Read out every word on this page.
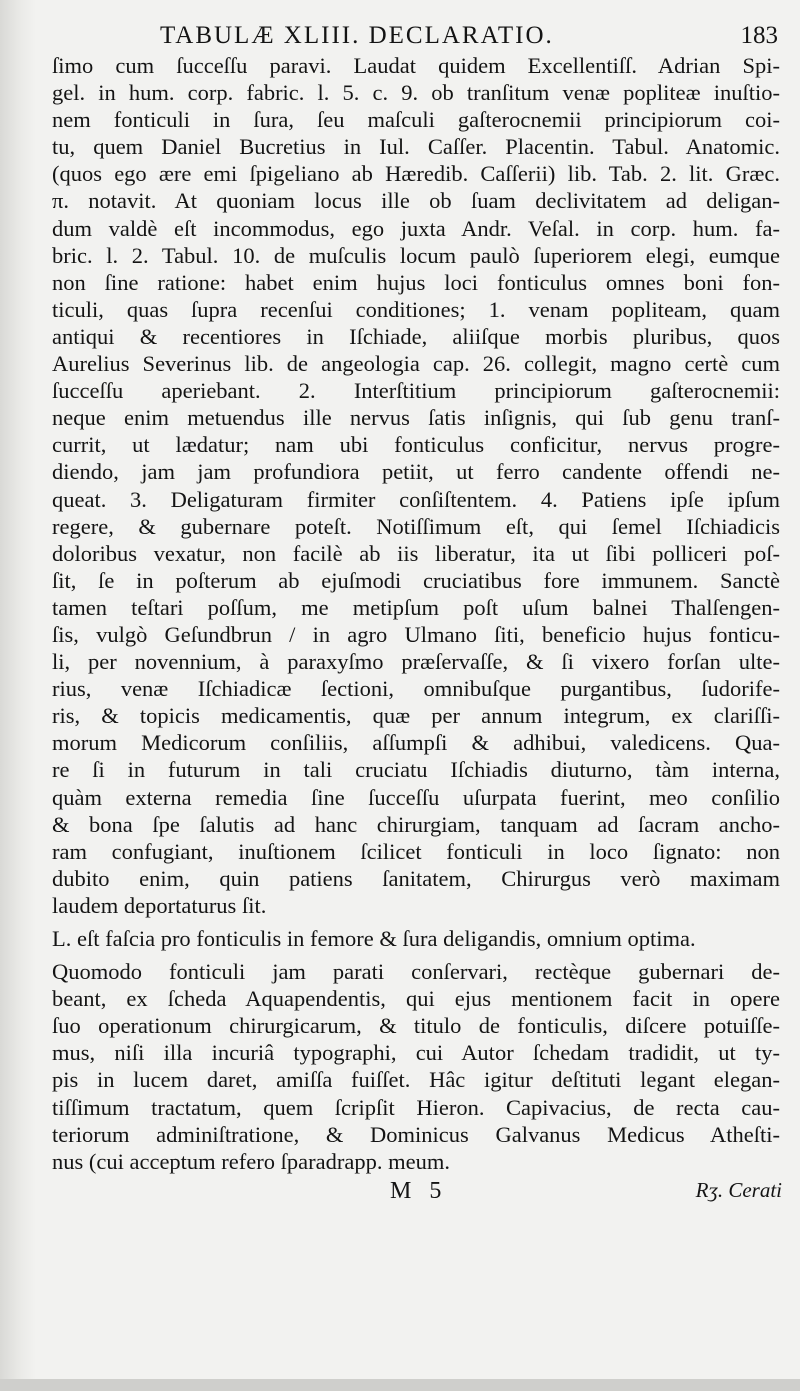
TABULÆ XLIII. DECLARATIO.	183
ſimo cum ſucceſſu paravi. Laudat quidem Excellentiſſ. Adrian Spi-
gel. in hum. corp. fabric. l. 5. c. 9. ob tranſitum venæ popliteæ inuſtio-
nem fonticuli in ſura, ſeu maſculi gaſterocnemii principiorum coi-
tu, quem Daniel Bucretius in Iul. Caſſer. Placentin. Tabul. Anatomic.
(quos ego ære emi ſpigeliano ab Hæredib. Caſſerii) lib. Tab. 2. lit. Græc.
π. notavit. At quoniam locus ille ob ſuam declivitatem ad deligan-
dum valdè eſt incommodus, ego juxta Andr. Veſal. in corp. hum. fa-
bric. l. 2. Tabul. 10. de muſculis locum paulò ſuperiorem elegi, eumque
non ſine ratione: habet enim hujus loci fonticulus omnes boni fon-
ticuli, quas ſupra recenſui conditiones; 1. venam popliteam, quam
antiqui & recentiores in Iſchiade, aliiſque morbis pluribus, quos
Aurelius Severinus lib. de angeologia cap. 26. collegit, magno certè cum
ſucceſſu aperiebant. 2. Interſtitium principiorum gaſterocnemii:
neque enim metuendus ille nervus ſatis inſignis, qui ſub genu tranſ-
currit, ut lædatur; nam ubi fonticulus conficitur, nervus progre-
diendo, jam jam profundiora petiit, ut ferro candente offendi ne-
queat. 3. Deligaturam firmiter conſiſtentem. 4. Patiens ipſe ipſum
regere, & gubernare poteſt. Notiſſimum eſt, qui ſemel Iſchiadicis
doloribus vexatur, non facilè ab iis liberatur, ita ut ſibi polliceri poſ-
ſit, ſe in poſterum ab ejuſmodi cruciatibus fore immunem. Sanctè
tamen teſtari poſſum, me metipſum poſt uſum balnei Thalſengen-
ſis, vulgò Geſundbrun / in agro Ulmano ſiti, beneficio hujus fonticu-
li, per novennium, à paraxyſmo præſervaſſe, & ſi vixero forſan ulte-
rius, venæ Iſchiadicæ ſectioni, omnibuſque purgantibus, ſudorife-
ris, & topicis medicamentis, quæ per annum integrum, ex clariſſi-
morum Medicorum conſiliis, aſſumpſi & adhibui, valedicens. Qua-
re ſi in futurum in tali cruciatu Iſchiadis diuturno, tàm interna,
quàm externa remedia ſine ſucceſſu uſurpata fuerint, meo conſilio
& bona ſpe ſalutis ad hanc chirurgiam, tanquam ad ſacram ancho-
ram confugiant, inuſtionem ſcilicet fonticuli in loco ſignato: non
dubito enim, quin patiens ſanitatem, Chirurgus verò maximam
laudem deportaturus ſit.
L. eſt faſcia pro fonticulis in femore & ſura deligandis, omnium optima.
Quomodo fonticuli jam parati conſervari, rectèque gubernari de-
beant, ex ſcheda Aquapendentis, qui ejus mentionem facit in opere
ſuo operationum chirurgicarum, & titulo de fonticulis, diſcere potuiſſe-
mus, niſi illa incuriâ typographi, cui Autor ſchedam tradidit, ut ty-
pis in lucem daret, amiſſa fuiſſet. Hâc igitur deſtituti legant elegan-
tiſſimum tractatum, quem ſcripſit Hieron. Capivacius, de recta cau-
teriorum adminiſtratione, & Dominicus Galvanus Medicus Atheſti-
nus (cui acceptum refero ſparadrapp. meum.
M 5	Rʒ. Cerati
